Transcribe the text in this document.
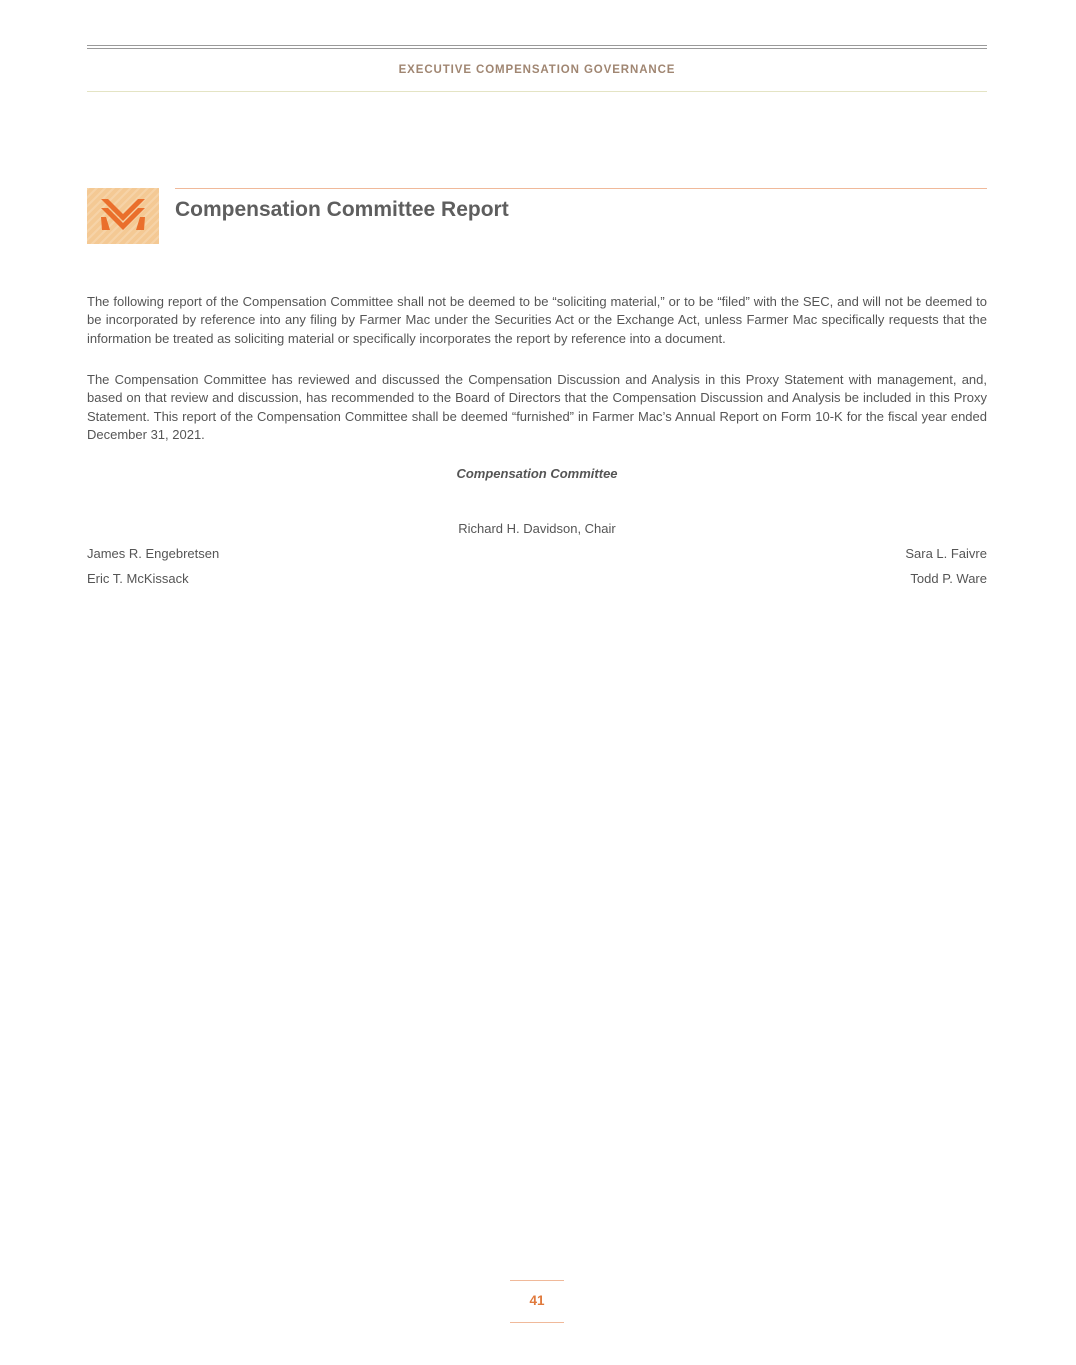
EXECUTIVE COMPENSATION GOVERNANCE
Compensation Committee Report

The following report of the Compensation Committee shall not be deemed to be “soliciting material,” or to be “filed” with the SEC, and will not be deemed to be incorporated by reference into any filing by Farmer Mac under the Securities Act or the Exchange Act, unless Farmer Mac specifically requests that the information be treated as soliciting material or specifically incorporates the report by reference into a document.

The Compensation Committee has reviewed and discussed the Compensation Discussion and Analysis in this Proxy Statement with management, and, based on that review and discussion, has recommended to the Board of Directors that the Compensation Discussion and Analysis be included in this Proxy Statement. This report of the Compensation Committee shall be deemed “furnished” in Farmer Mac’s Annual Report on Form 10-K for the fiscal year ended December 31, 2021.

Compensation Committee
Richard H. Davidson, Chair
James R. Engebretsen
Eric T. McKissack
Sara L. Faivre
Todd P. Ware
41
